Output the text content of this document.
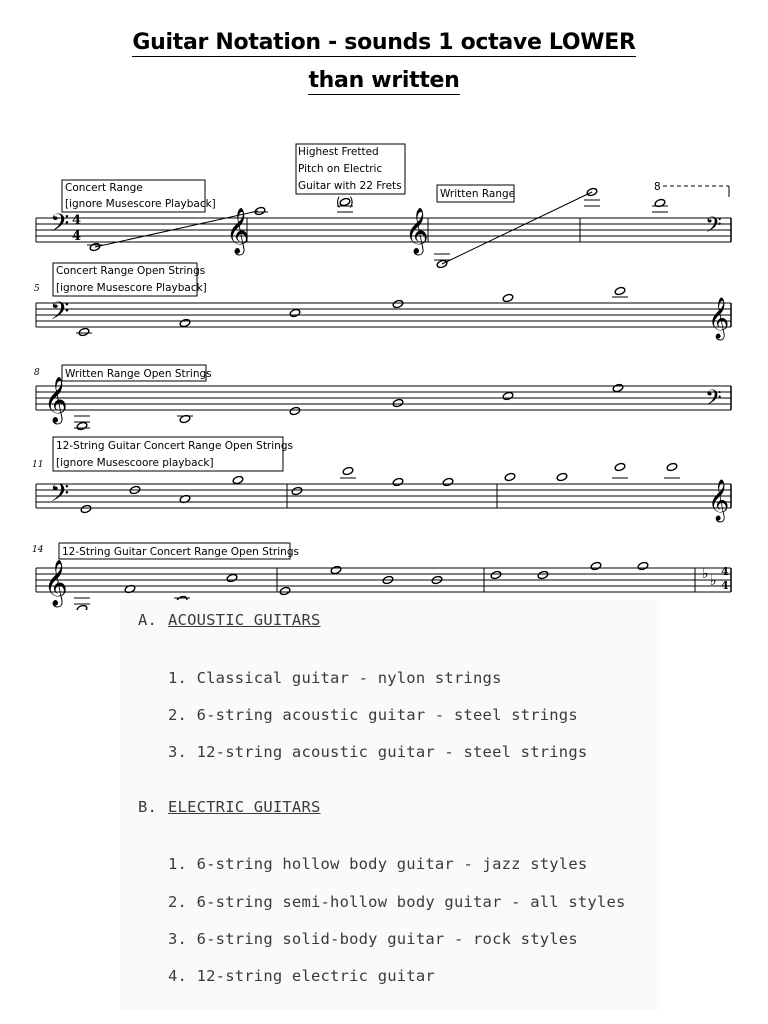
Guitar Notation - sounds 1 octave LOWER
than written
( )
𝄢 4
4	𝄞	𝄞	𝄢
Concert Range
[ignore Musescore Playback]
Highest Fretted
Pitch on Electric
Guitar with 22 Frets
Written Range
8
5
Concert Range Open Strings
[ignore Musescore Playback]
𝄢	𝄞
8 Written Range Open Strings
𝄞	𝄢
11
12-String Guitar Concert Range Open Strings
[ignore Musescoore playback]
𝄢	𝄞
14 12-String Guitar Concert Range Open Strings
𝄞	♭ ♭
4
4
A. ACOUSTIC GUITARS
1. Classical guitar - nylon strings
2. 6-string acoustic guitar - steel strings
3. 12-string acoustic guitar - steel strings
B. ELECTRIC GUITARS
1. 6-string hollow body guitar - jazz styles
2. 6-string semi-hollow body guitar - all styles
3. 6-string solid-body guitar - rock styles
4. 12-string electric guitar
